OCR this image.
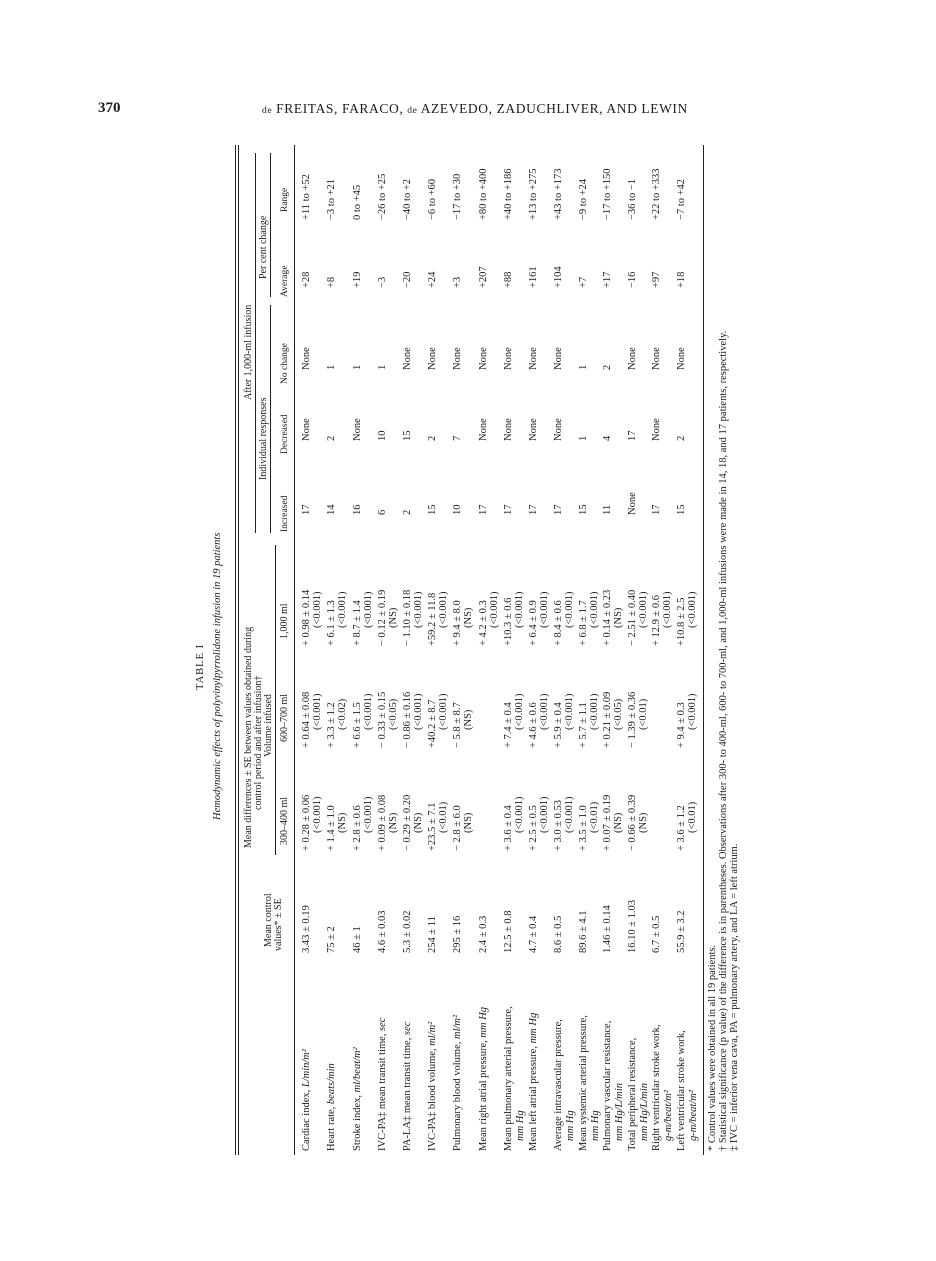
370	de FREITAS, FARACO, de AZEVEDO, ZADUCHLIVER, AND LEWIN
TABLE I Hemodynamic effects of polyvinylpyrrolidone infusion in 19 patients Mean differences ± SE between values obtained during control period and after infusion† Volume infused
300–400 ml
600–700 ml
1,000 ml
Mean control values* ± SE
After 1,000-ml infusion
Individual responses
Per cent change
Increased
Decreased
No change
Average
Range
Cardiac index, L/min/m²
3.43 ± 0.19
+ 0.28 ± 0.06
+ 0.64 ± 0.08
+ 0.98 ± 0.14
17
None
None
+28
+11 to +52
(<0.001)
(<0.001)
(<0.001)
Heart rate, beats/min
75 ± 2
+ 1.4 ± 1.0
+ 3.3 ± 1.2
+ 6.1 ± 1.3
14
2
1
+8
−3 to +21
(NS)
(<0.02)
(<0.001)
Stroke index, ml/beat/m²
46 ± 1
+ 2.8 ± 0.6
+ 6.6 ± 1.5
+ 8.7 ± 1.4
16
None
1
+19
0 to +45
(<0.001)
(<0.001)
(<0.001)
IVC-PA‡ mean transit time, sec
4.6 ± 0.03
+ 0.09 ± 0.08
− 0.33 ± 0.15
− 0.12 ± 0.19
6
10
1
−3
−26 to +25
(NS)
(<0.05)
(NS)
PA-LA‡ mean transit time, sec
5.3 ± 0.02
− 0.29 ± 0.20
− 0.86 ± 0.16
− 1.10 ± 0.18
2
15
None
−20
−40 to +2
(NS)
(<0.001)
(<0.001)
IVC-PA‡ blood volume, ml/m²
254 ± 11
+23.5 ± 7.1
+40.2 ± 8.7
+59.2 ± 11.8
15
2
None
+24
−6 to +60
(<0.01)
(<0.001)
(<0.001)
Pulmonary blood volume, ml/m²
295 ± 16
− 2.8 ± 6.0
− 5.8 ± 8.7
+ 9.4 ± 8.0
10
7
None
+3
−17 to +30
(NS)
(NS)
(NS)
Mean right atrial pressure, mm Hg
2.4 ± 0.3
+ 4.2 ± 0.3
17
None
None
+207
+80 to +400
(<0.001)
Mean pulmonary arterial pressure,
mm Hg
12.5 ± 0.8
+ 3.6 ± 0.4
+ 7.4 ± 0.4
+10.3 ± 0.6
17
None
None
+88
+40 to +186
(<0.001)
(<0.001)
(<0.001)
Mean left atrial pressure, mm Hg
4.7 ± 0.4
+ 2.5 ± 0.5
+ 4.6 ± 0.6
+ 6.4 ± 0.9
17
None
None
+161
+13 to +275
(<0.001)
(<0.001)
(<0.001)
Average intravascular pressure,
mm Hg
8.6 ± 0.5
+ 3.0 ± 0.53
+ 5.9 ± 0.4
+ 8.4 ± 0.6
17
None
None
+104
+43 to +173
(<0.001)
(<0.001)
(<0.001)
Mean systemic arterial pressure,
mm Hg
89.6 ± 4.1
+ 3.5 ± 1.0
+ 5.7 ± 1.1
+ 6.8 ± 1.7
15
1
1
+7
−9 to +24
(<0.01)
(<0.001)
(<0.001)
Pulmonary vascular resistance,
mm Hg/L/min
1.46 ± 0.14
+ 0.07 ± 0.19
+ 0.21 ± 0.09
+ 0.14 ± 0.23
11
4
2
+17
−17 to +150
(NS)
(<0.05)
(NS)
Total peripheral resistance,
mm Hg/L/min
16.10 ± 1.03
− 0.66 ± 0.39
− 1.39 ± 0.36
− 2.51 ± 0.40
None
17
None
−16
−36 to −1
(NS)
(<0.01)
(<0.001)
Right ventricular stroke work,
g-m/beat/m²
6.7 ± 0.5
+ 12.9 ± 0.6
17
None
None
+97
+22 to +333
(<0.001)
Left ventricular stroke work,
g-m/beat/m²
55.9 ± 3.2
+ 3.6 ± 1.2
+ 9.4 ± 0.3
+10.8 ± 2.5
15
2
None
+18
−7 to +42
(<0.01)
(<0.001)
(<0.001)
* Control values were obtained in all 19 patients. † Statistical significance (p value) of the difference is in parentheses. Observations after 300- to 400-ml, 600- to 700-ml, and 1,000-ml infusions were made in 14, 18, and 17 patients, respectively. ‡ IVC = inferior vena cava, PA = pulmonary artery, and LA = left atrium.
